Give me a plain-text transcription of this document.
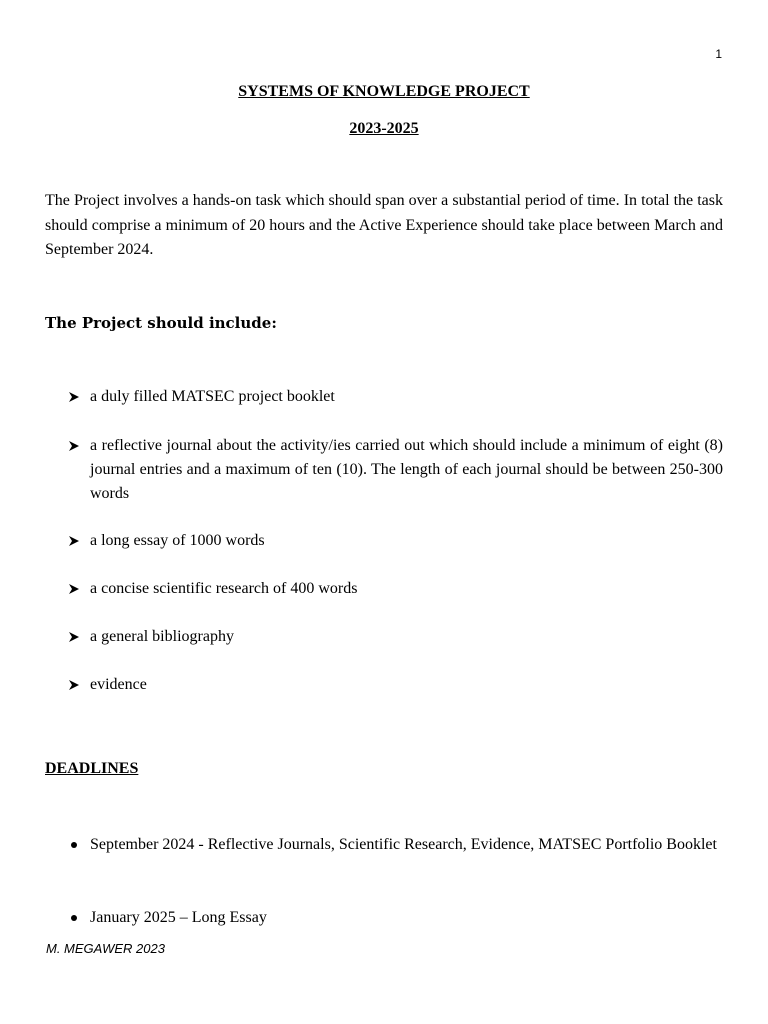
1
SYSTEMS OF KNOWLEDGE PROJECT
2023-2025

The Project involves a hands-on task which should span over a substantial period of time. In total the task should comprise a minimum of 20 hours and the Active Experience should take place between March and September 2024.

The Project should include:
a duly filled MATSEC project booklet
a reflective journal about the activity/ies carried out which should include a minimum of eight (8) journal entries and a maximum of ten (10). The length of each journal should be between 250-300 words
a long essay of 1000 words
a concise scientific research of 400 words
a general bibliography
evidence
DEADLINES
September 2024 - Reflective Journals, Scientific Research, Evidence, MATSEC Portfolio Booklet
January 2025 – Long Essay
M. MEGAWER 2023
